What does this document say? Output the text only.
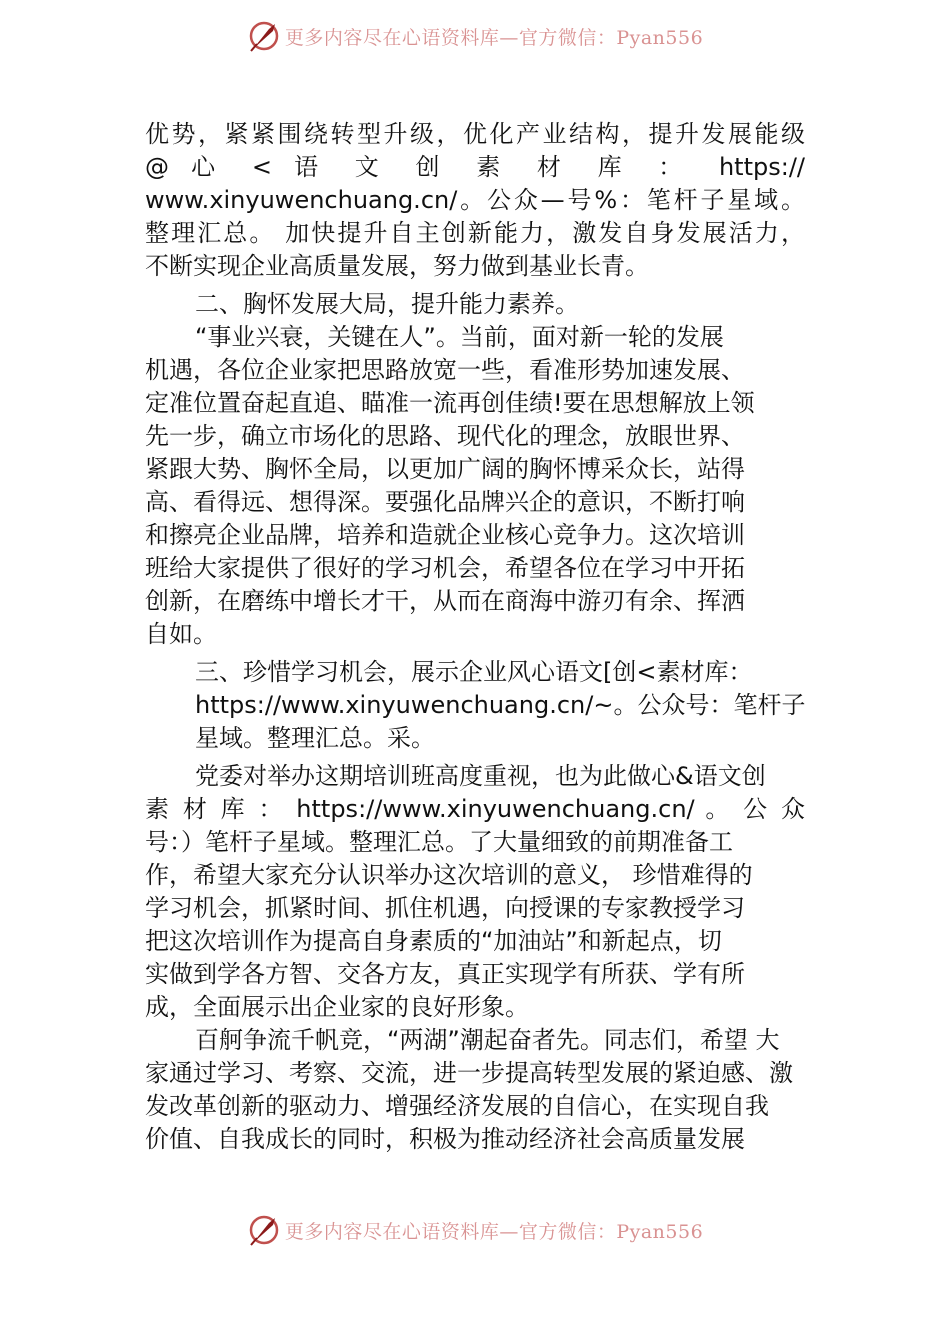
更多内容尽在心语资料库 —官方微信：Pyan556
优势，紧紧围绕转型升级，优化产业结构，提升发展能级
@ 心 < 语 文 创 素 材 库 ： https://
www.xinyuwenchuang.cn/。公众—号%：笔杆子星域。
整理汇总。 加快提升自主创新能力，激发自身发展活力，
不断实现企业高质量发展，努力做到基业长青。
二、胸怀发展大局，提升能力素养。
“事业兴衰，关键在人”。当前，面对新一轮的发展
机遇，各位企业家把思路放宽一些，看准形势加速发展、
定准位置奋起直追、瞄准一流再创佳绩!要在思想解放上领
先一步，确立市场化的思路、现代化的理念，放眼世界、
紧跟大势、胸怀全局，以更加广阔的胸怀博采众长，站得
高、看得远、想得深。要强化品牌兴企的意识，不断打响
和擦亮企业品牌，培养和造就企业核心竞争力。这次培训
班给大家提供了很好的学习机会，希望各位在学习中开拓
创新，在磨练中增长才干，从而在商海中游刃有余、挥洒
自如。
三、珍惜学习机会，展示企业风心语文[创<素材库：
https://www.xinyuwenchuang.cn/~。公众号：笔杆子
星域。整理汇总。采。
党委对举办这期培训班高度重视，也为此做心&语文创
素 材 库 ： https://www.xinyuwenchuang.cn/ 。 公 众
号：）笔杆子星域。整理汇总。了大量细致的前期准备工
作，希望大家充分认识举办这次培训的意义， 珍惜难得的
学习机会，抓紧时间、抓住机遇，向授课的专家教授学习
把这次培训作为提高自身素质的“加油站”和新起点，切
实做到学各方智、交各方友，真正实现学有所获、学有所
成，全面展示出企业家的良好形象。
百舸争流千帆竞，“两湖”潮起奋者先。同志们，希望 大
家通过学习、考察、交流，进一步提高转型发展的紧迫感、激
发改革创新的驱动力、增强经济发展的自信心，在实现自我
价值、自我成长的同时，积极为推动经济社会高质量发展
更多内容尽在心语资料库 —官方微信：Pyan556
